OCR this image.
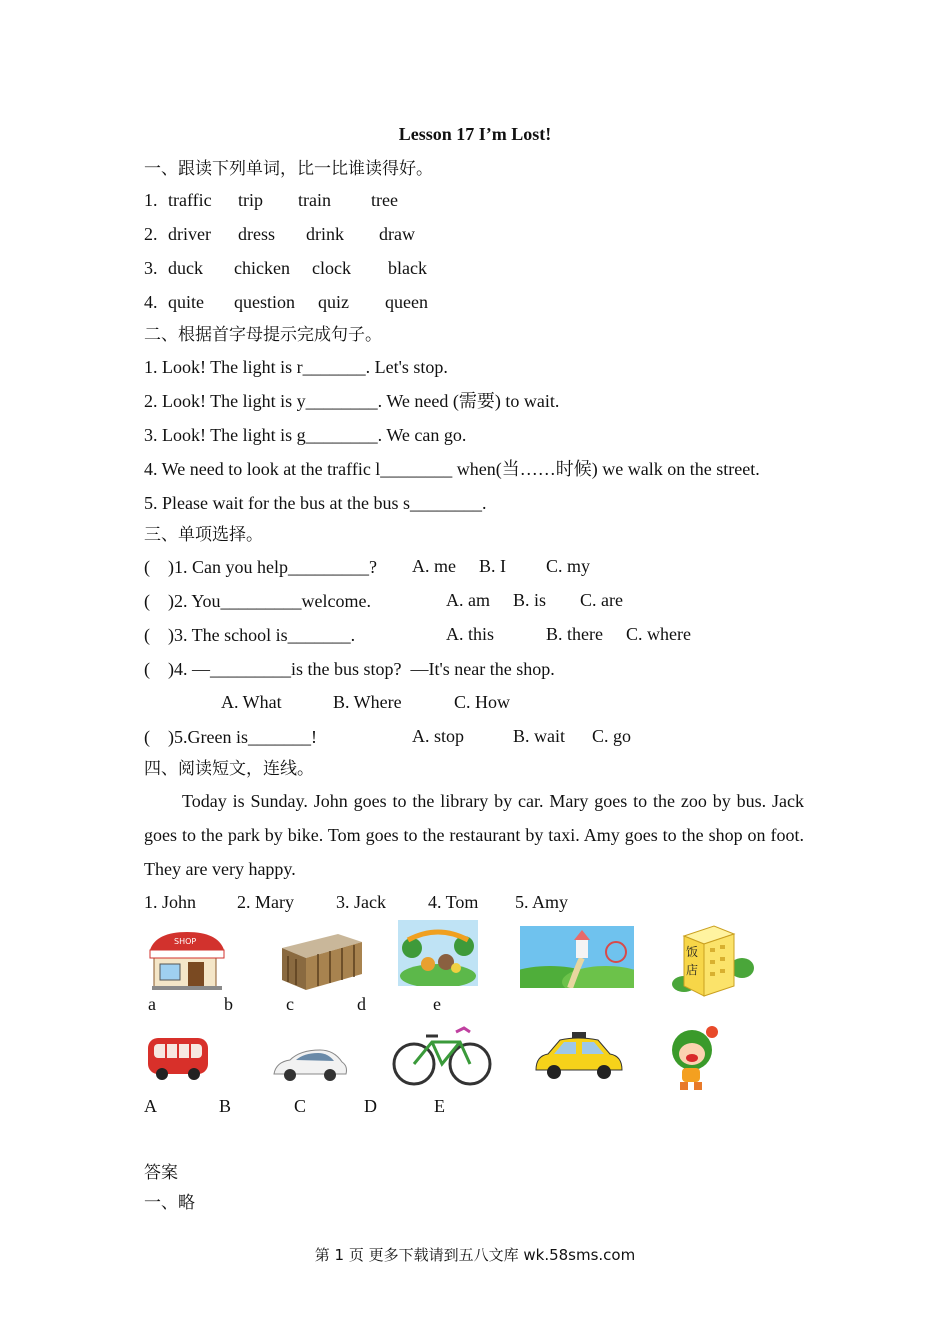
Lesson 17 I’m Lost!
一、跟读下列单词，比一比谁读得好。
1. traffic trip train tree
2. driver dress drink draw
3. duck chicken clock black
4. quite question quiz queen
二、根据首字母提示完成句子。
1. Look! The light is r_______. Let's stop.
2. Look! The light is y________. We need (需要) to wait.
3. Look! The light is g________. We can go.
4. We need to look at the traffic l________ when(当……时候) we walk on the street.
5. Please wait for the bus at the bus s________.
三、单项选择。
(    )1. Can you help_________? A. me B. I C. my
(    )2. You_________welcome.	A. am B. is C. are
(    )3. The school is_______.	A. this	B. there C. where
(    )4. —_________is the bus stop?  —It's near the shop.
A. What	B. Where	C. How
(    )5.Green is_______!	A. stop	B. wait C. go
四、阅读短文，连线。
Today is Sunday. John goes to the library by car. Mary goes to the zoo by bus. Jack goes to the park by bike. Tom goes to the restaurant by taxi. Amy goes to the shop on foot. They are very happy.
1. John 2. Mary 3. Jack 4. Tom 5. Amy
SHOP
饭
店
a	b	c	d	e
A	B	C	D	E
答案
一、略
第 1 页 更多下载请到五八文库 wk.58sms.com
